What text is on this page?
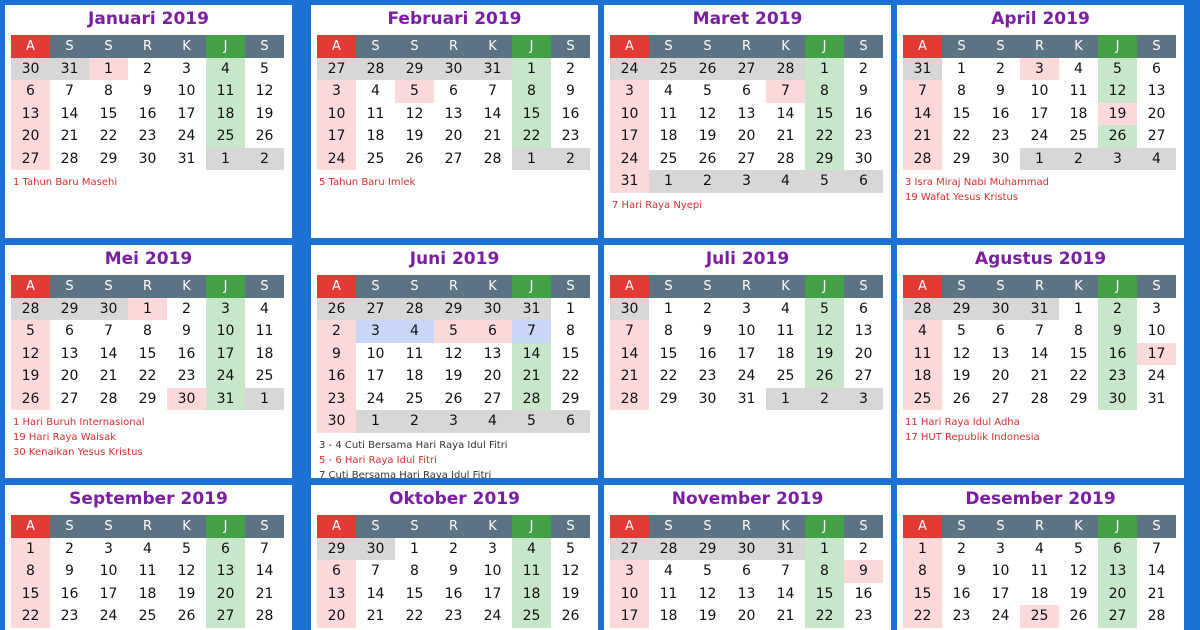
Januari 2019
A	S	S	R	K	J	S
30	31	1	2	3	4	5
6	7	8	9	10	11	12
13	14	15	16	17	18	19
20	21	22	23	24	25	26
27	28	29	30	31	1	2
1 Tahun Baru Masehi
Februari 2019
A	S	S	R	K	J	S
27	28	29	30	31	1	2
3	4	5	6	7	8	9
10	11	12	13	14	15	16
17	18	19	20	21	22	23
24	25	26	27	28	1	2
5 Tahun Baru Imlek
Maret 2019
A	S	S	R	K	J	S
24	25	26	27	28	1	2
3	4	5	6	7	8	9
10	11	12	13	14	15	16
17	18	19	20	21	22	23
24	25	26	27	28	29	30
31	1	2	3	4	5	6
7 Hari Raya Nyepi
April 2019
A	S	S	R	K	J	S
31	1	2	3	4	5	6
7	8	9	10	11	12	13
14	15	16	17	18	19	20
21	22	23	24	25	26	27
28	29	30	1	2	3	4
3 Isra Miraj Nabi Muhammad
19 Wafat Yesus Kristus
Mei 2019
A	S	S	R	K	J	S
28	29	30	1	2	3	4
5	6	7	8	9	10	11
12	13	14	15	16	17	18
19	20	21	22	23	24	25
26	27	28	29	30	31	1
1 Hari Buruh Internasional
19 Hari Raya Waisak
30 Kenaikan Yesus Kristus
Juni 2019
A	S	S	R	K	J	S
26	27	28	29	30	31	1
2	3	4	5	6	7	8
9	10	11	12	13	14	15
16	17	18	19	20	21	22
23	24	25	26	27	28	29
30	1	2	3	4	5	6
3 - 4 Cuti Bersama Hari Raya Idul Fitri
5 - 6 Hari Raya Idul Fitri
7 Cuti Bersama Hari Raya Idul Fitri
Juli 2019
A	S	S	R	K	J	S
30	1	2	3	4	5	6
7	8	9	10	11	12	13
14	15	16	17	18	19	20
21	22	23	24	25	26	27
28	29	30	31	1	2	3
Agustus 2019
A	S	S	R	K	J	S
28	29	30	31	1	2	3
4	5	6	7	8	9	10
11	12	13	14	15	16	17
18	19	20	21	22	23	24
25	26	27	28	29	30	31
11 Hari Raya Idul Adha
17 HUT Republik Indonesia
September 2019
A	S	S	R	K	J	S
1	2	3	4	5	6	7
8	9	10	11	12	13	14
15	16	17	18	19	20	21
22	23	24	25	26	27	28
Oktober 2019
A	S	S	R	K	J	S
29	30	1	2	3	4	5
6	7	8	9	10	11	12
13	14	15	16	17	18	19
20	21	22	23	24	25	26
November 2019
A	S	S	R	K	J	S
27	28	29	30	31	1	2
3	4	5	6	7	8	9
10	11	12	13	14	15	16
17	18	19	20	21	22	23
Desember 2019
A	S	S	R	K	J	S
1	2	3	4	5	6	7
8	9	10	11	12	13	14
15	16	17	18	19	20	21
22	23	24	25	26	27	28
